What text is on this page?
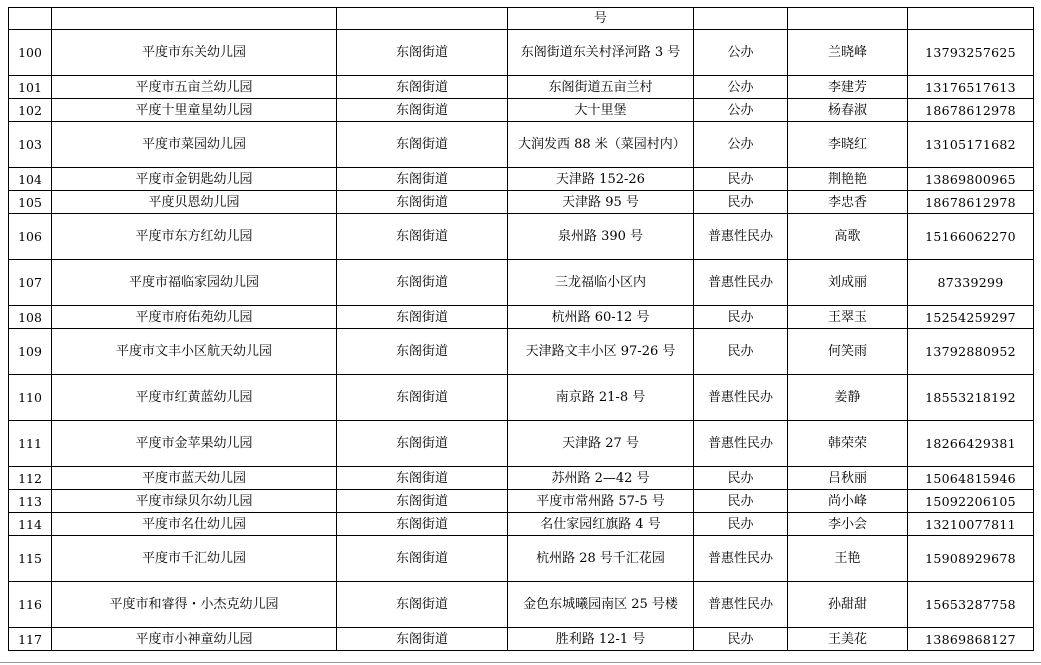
			号			
100	平度市东关幼儿园	东阁街道	东阁街道东关村泽河路 3 号	公办	兰晓峰	13793257625
101	平度市五亩兰幼儿园	东阁街道	东阁街道五亩兰村	公办	李建芳	13176517613
102	平度十里童星幼儿园	东阁街道	大十里堡	公办	杨春淑	18678612978
103	平度市菜园幼儿园	东阁街道	大润发西 88 米（菜园村内）	公办	李晓红	13105171682
104	平度市金钥匙幼儿园	东阁街道	天津路 152-26	民办	荆艳艳	13869800965
105	平度贝恩幼儿园	东阁街道	天津路 95 号	民办	李忠香	18678612978
106	平度市东方红幼儿园	东阁街道	泉州路 390 号	普惠性民办	高歌	15166062270
107	平度市福临家园幼儿园	东阁街道	三龙福临小区内	普惠性民办	刘成丽	87339299
108	平度市府佑苑幼儿园	东阁街道	杭州路 60-12 号	民办	王翠玉	15254259297
109	平度市文丰小区航天幼儿园	东阁街道	天津路文丰小区 97-26 号	民办	何笑雨	13792880952
110	平度市红黄蓝幼儿园	东阁街道	南京路 21-8 号	普惠性民办	姜静	18553218192
111	平度市金苹果幼儿园	东阁街道	天津路 27 号	普惠性民办	韩荣荣	18266429381
112	平度市蓝天幼儿园	东阁街道	苏州路 2—42 号	民办	吕秋丽	15064815946
113	平度市绿贝尔幼儿园	东阁街道	平度市常州路 57-5 号	民办	尚小峰	15092206105
114	平度市名仕幼儿园	东阁街道	名仕家园红旗路 4 号	民办	李小会	13210077811
115	平度市千汇幼儿园	东阁街道	杭州路 28 号千汇花园	普惠性民办	王艳	15908929678
116	平度市和睿得・小杰克幼儿园	东阁街道	金色东城曦园南区 25 号楼	普惠性民办	孙甜甜	15653287758
117	平度市小神童幼儿园	东阁街道	胜利路 12-1 号	民办	王美花	13869868127
